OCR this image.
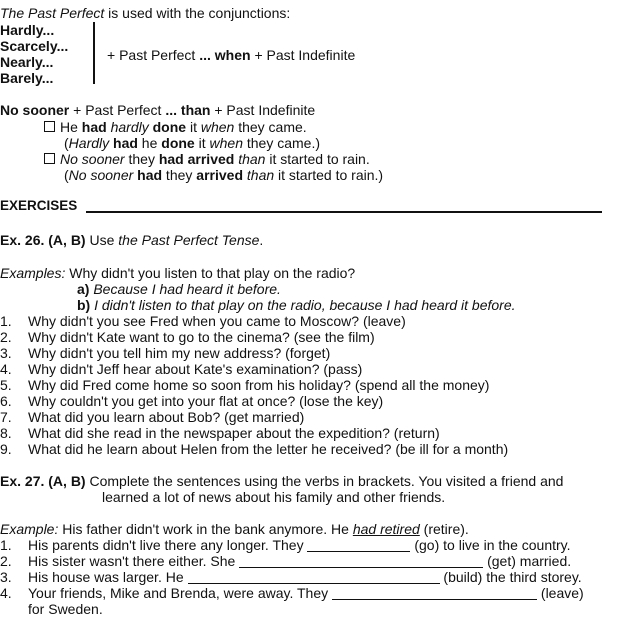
The Past Perfect is used with the conjunctions:
Hardly...
Scarcely...
Nearly...
Barely...
+ Past Perfect ... when + Past Indefinite
No sooner + Past Perfect ... than + Past Indefinite
He had hardly done it when they came.
(Hardly had he done it when they came.)
No sooner they had arrived than it started to rain.
(No sooner had they arrived than it started to rain.)
EXERCISES
Ex. 26. (A, B) Use the Past Perfect Tense.
Examples: Why didn't you listen to that play on the radio?
a) Because I had heard it before.
b) I didn't listen to that play on the radio, because I had heard it before.
1. Why didn't you see Fred when you came to Moscow? (leave)
2. Why didn't Kate want to go to the cinema? (see the film)
3. Why didn't you tell him my new address? (forget)
4. Why didn't Jeff hear about Kate's examination? (pass)
5. Why did Fred come home so soon from his holiday? (spend all the money)
6. Why couldn't you get into your flat at once? (lose the key)
7. What did you learn about Bob? (get married)
8. What did she read in the newspaper about the expedition? (return)
9. What did he learn about Helen from the letter he received? (be ill for a month)
Ex. 27. (A, B) Complete the sentences using the verbs in brackets. You visited a friend and
learned a lot of news about his family and other friends.
Example: His father didn't work in the bank anymore. He had retired (retire).
1. His parents didn't live there any longer. They	(go) to live in the country.
2. His sister wasn't there either. She	(get) married.
3. His house was larger. He	(build) the third storey.
4. Your friends, Mike and Brenda, were away. They	(leave)
for Sweden.
